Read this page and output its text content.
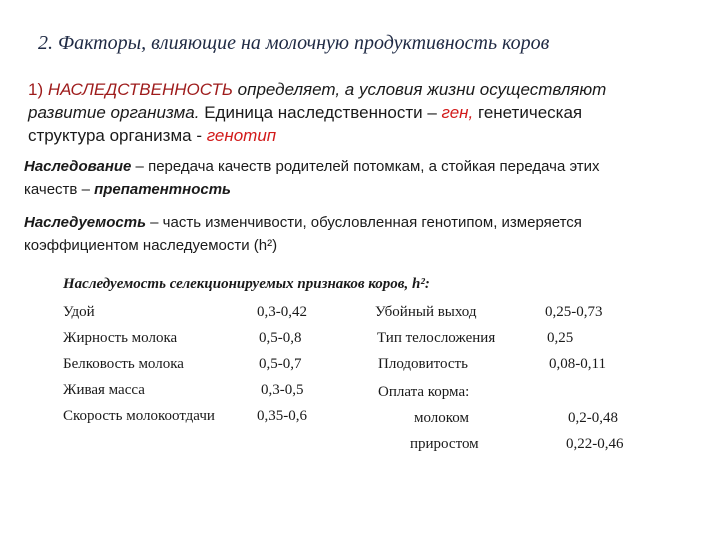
2. Факторы, влияющие на молочную продуктивность коров
1) НАСЛЕДСТВЕННОСТЬ определяет, а условия жизни осуществляют
развитие организма. Единица наследственности – ген, генетическая
структура организма - генотип
Наследование – передача качеств родителей потомкам, а стойкая передача этих
качеств – препатентность
Наследуемость – часть изменчивости, обусловленная генотипом, измеряется
коэффициентом наследуемости (h²)
Наследуемость селекционируемых признаков коров, h²:
Удой	0,3-0,42
Жирность молока	0,5-0,8
Белковость молока	0,5-0,7
Живая масса	0,3-0,5
Скорость молокоотдачи	0,35-0,6
Убойный выход	0,25-0,73
Тип телосложения	0,25
Плодовитость	0,08-0,11
Оплата корма:
молоком	0,2-0,48
приростом	0,22-0,46
